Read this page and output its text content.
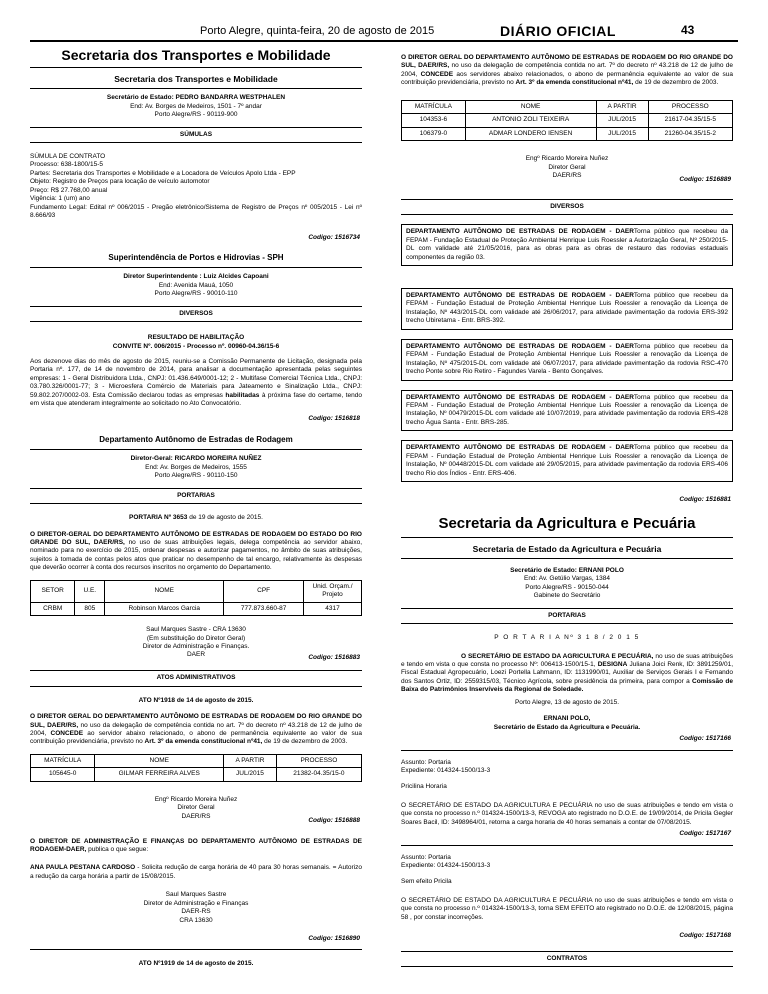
Porto Alegre, quinta-feira, 20 de agosto de 2015	DIÁRIO OFICIAL	43
Secretaria dos Transportes e Mobilidade
Secretaria dos Transportes e Mobilidade
Secretário de Estado: PEDRO BANDARRA WESTPHALEN
End: Av. Borges de Medeiros, 1501 - 7º andar
Porto Alegre/RS - 90119-900
SÚMULAS
SÚMULA DE CONTRATO
Processo: 638-1800/15-5
Partes: Secretaria dos Transportes e Mobilidade e a Locadora de Veículos Apolo Ltda - EPP
Objeto: Registro de Preços para locação de veículo automotor
Preço: R$ 27.768,00 anual
Vigência: 1 (um) ano
Fundamento Legal: Edital nº 006/2015 - Pregão eletrônico/Sistema de Registro de Preços nº 005/2015 - Lei nº 8.666/93
Codigo: 1516734
Superintendência de Portos e Hidrovias - SPH
Diretor Superintendente : Luiz Alcides Capoani
End: Avenida Mauá, 1050
Porto Alegre/RS - 90010-110
DIVERSOS
RESULTADO DE HABILITAÇÃO
CONVITE Nº. 006/2015 - Processo nº. 00960-04.36/15-6
Aos dezenove dias do mês de agosto de 2015, reuniu-se a Comissão Permanente de Licitação, designada pela Portaria nº. 177, de 14 de novembro de 2014, para analisar a documentação apresentada pelas seguintes empresas: 1 - Geral Distribuidora Ltda., CNPJ: 01.436.649/0001-12; 2 - Multifase Comercial Técnica Ltda., CNPJ: 03.780.326/0001-77; 3 - Microesfera Comércio de Materiais para Jateamento e Sinalização Ltda., CNPJ: 59.802.207/0002-03. Esta Comissão declarou todas as empresas habilitadas à próxima fase do certame, tendo em vista que atenderam integralmente ao solicitado no Ato Convocatório.
Codigo: 1516818
Departamento Autônomo de Estradas de Rodagem
Diretor-Geral: RICARDO MOREIRA NUÑEZ
End: Av. Borges de Medeiros, 1555
Porto Alegre/RS - 90110-150
PORTARIAS
PORTARIA Nº 3653 de 19 de agosto de 2015.
O DIRETOR-GERAL DO DEPARTAMENTO AUTÔNOMO DE ESTRADAS DE RODAGEM DO ESTADO DO RIO GRANDE DO SUL, DAER/RS, no uso de suas atribuições legais, delega competência ao servidor abaixo, nominado para no exercício de 2015, ordenar despesas e autorizar pagamentos, no âmbito de suas atribuições, sujeitos à tomada de contas pelos atos que praticar no desempenho de tal encargo, relativamente às despesas que deverão ocorrer à conta dos recursos inscritos no orçamento do Departamento.
SETOR	U.E.	NOME	CPF	Unid. Orçam./ Projeto
CRBM	805	Robinson Marcos Garcia	777.873.660-87	4317
Saul Marques Sastre - CRA 13630
(Em substituição do Diretor Geral)
Diretor de Administração e Finanças.
DAER	Codigo: 1516883
ATOS ADMINISTRATIVOS
ATO Nº1918 de 14 de agosto de 2015.
O DIRETOR GERAL DO DEPARTAMENTO AUTÔNOMO DE ESTRADAS DE RODAGEM DO RIO GRANDE DO SUL, DAER/RS, no uso da delegação de competência contida no art. 7º do decreto nº 43.218 de 12 de julho de 2004, CONCEDE ao servidor abaixo relacionado, o abono de permanência equivalente ao valor de sua contribuição previdenciária, previsto no Art. 3º da emenda constitucional nº41, de 19 de dezembro de 2003.
MATRÍCULA	NOME	A PARTIR	PROCESSO
105645-0	GILMAR FERREIRA ALVES	JUL/2015	21382-04.35/15-0
Engº Ricardo Moreira Nuñez
Diretor Geral
DAER/RS
Codigo: 1516888
O DIRETOR DE ADMINISTRAÇÃO E FINANÇAS DO DEPARTAMENTO AUTÔNOMO DE ESTRADAS DE RODAGEM-DAER, publica o que segue:
ANA PAULA PESTANA CARDOSO - Solicita redução de carga horária de 40 para 30 horas semanais. = Autorizo a redução da carga horária a partir de 15/08/2015.
Saul Marques Sastre
Diretor de Administração e Finanças
DAER-RS
CRA 13630
Codigo: 1516890
ATO Nº1919 de 14 de agosto de 2015.
O DIRETOR GERAL DO DEPARTAMENTO AUTÔNOMO DE ESTRADAS DE RODAGEM DO RIO GRANDE DO SUL, DAER/RS, no uso da delegação de competência contida no art. 7º do decreto nº 43.218 de 12 de julho de 2004, CONCEDE aos servidores abaixo relacionados, o abono de permanência equivalente ao valor de sua contribuição previdenciária, previsto no Art. 3º da emenda constitucional nº41, de 19 de dezembro de 2003.
MATRÍCULA	NOME	A PARTIR	PROCESSO
104353-6	ANTONIO ZOLI TEIXEIRA	JUL/2015	21617-04.35/15-5
106379-0	ADMAR LONDERO IENSEN	JUL/2015	21260-04.35/15-2
Engº Ricardo Moreira Nuñez
Diretor Geral
DAER/RS
Codigo: 1516889
DIVERSOS
DEPARTAMENTO AUTÔNOMO DE ESTRADAS DE RODAGEM - DAERTorna público que recebeu da FEPAM - Fundação Estadual de Proteção Ambiental Henrique Luis Roessler a Autorização Geral, Nº 250/2015-DL com validade até 21/05/2016, para as obras para as obras de restauro das rodovias estaduais componentes da região 03.
DEPARTAMENTO AUTÔNOMO DE ESTRADAS DE RODAGEM - DAERTorna público que recebeu da FEPAM - Fundação Estadual de Proteção Ambiental Henrique Luis Roessler a renovação da Licença de Instalação, Nº 443/2015-DL com validade até 26/06/2017, para atividade pavimentação da rodovia ERS-392 trecho Ubiretama - Entr. BRS-392.
DEPARTAMENTO AUTÔNOMO DE ESTRADAS DE RODAGEM - DAERTorna público que recebeu da FEPAM - Fundação Estadual de Proteção Ambiental Henrique Luis Roessler a renovação da Licença de Instalação, Nº 475/2015-DL com validade até 06/07/2017, para atividade pavimentação da rodovia RSC-470 trecho Ponte sobre Rio Retiro - Fagundes Varela - Bento Gonçalves.
DEPARTAMENTO AUTÔNOMO DE ESTRADAS DE RODAGEM - DAERTorna público que recebeu da FEPAM - Fundação Estadual de Proteção Ambiental Henrique Luis Roessler a renovação da Licença de Instalação, Nº 00479/2015-DL com validade até 10/07/2019, para atividade pavimentação da rodovia ERS-428 trecho Água Santa - Entr. BRS-285.
DEPARTAMENTO AUTÔNOMO DE ESTRADAS DE RODAGEM - DAERTorna público que recebeu da FEPAM - Fundação Estadual de Proteção Ambiental Henrique Luis Roessler a renovação da Licença de Instalação, Nº 00448/2015-DL com validade até 29/05/2015, para atividade pavimentação da rodovia ERS-406 trecho Rio dos Índios - Entr. ERS-406.
Codigo: 1516881
Secretaria da Agricultura e Pecuária
Secretaria de Estado da Agricultura e Pecuária
Secretário de Estado: ERNANI POLO
End: Av. Getúlio Vargas, 1384
Porto Alegre/RS - 90150-044
Gabinete do Secretário
PORTARIAS
P O R T A R I A Nº 3 1 8 / 2 0 1 5
O SECRETÁRIO DE ESTADO DA AGRICULTURA E PECUÁRIA, no uso de suas atribuições e tendo em vista o que consta no processo Nº: 006413-1500/15-1, DESIGNA Juliana Joici Renk, ID: 3891259/01, Fiscal Estadual Agropecuário, Loezi Portella Lahmann, ID: 1131990/01, Auxiliar de Serviços Gerais I e Fernando dos Santos Ortiz, ID: 2559315/03, Técnico Agrícola, sobre presidência da primeira, para compor a Comissão de Baixa do Patrimônios Inservíveis da Regional de Soledade.
Porto Alegre, 13 de agosto de 2015.
ERNANI POLO,
Secretário de Estado da Agricultura e Pecuária.
Codigo: 1517166
Assunto: Portaria
Expediente: 014324-1500/13-3
Pricilina Horaria
O SECRETÁRIO DE ESTADO DA AGRICULTURA E PECUÁRIA no uso de suas atribuições e tendo em vista o que consta no processo n.º 014324-1500/13-3, REVOGA ato registrado no D.O.E. de 19/09/2014, de Pricila Gegler Soares Bacil, ID: 3498964/01, retorna a carga horaria de 40 horas semanais a contar de 07/08/2015.
Codigo: 1517167
Assunto: Portaria
Expediente: 014324-1500/13-3
Sem efeito Pricila
O SECRETÁRIO DE ESTADO DA AGRICULTURA E PECUÁRIA no uso de suas atribuições e tendo em vista o que consta no processo n.º 014324-1500/13-3, torna SEM EFEITO ato registrado no D.O.E. de 12/08/2015, página 58 , por constar incorreções.
Codigo: 1517168
CONTRATOS
